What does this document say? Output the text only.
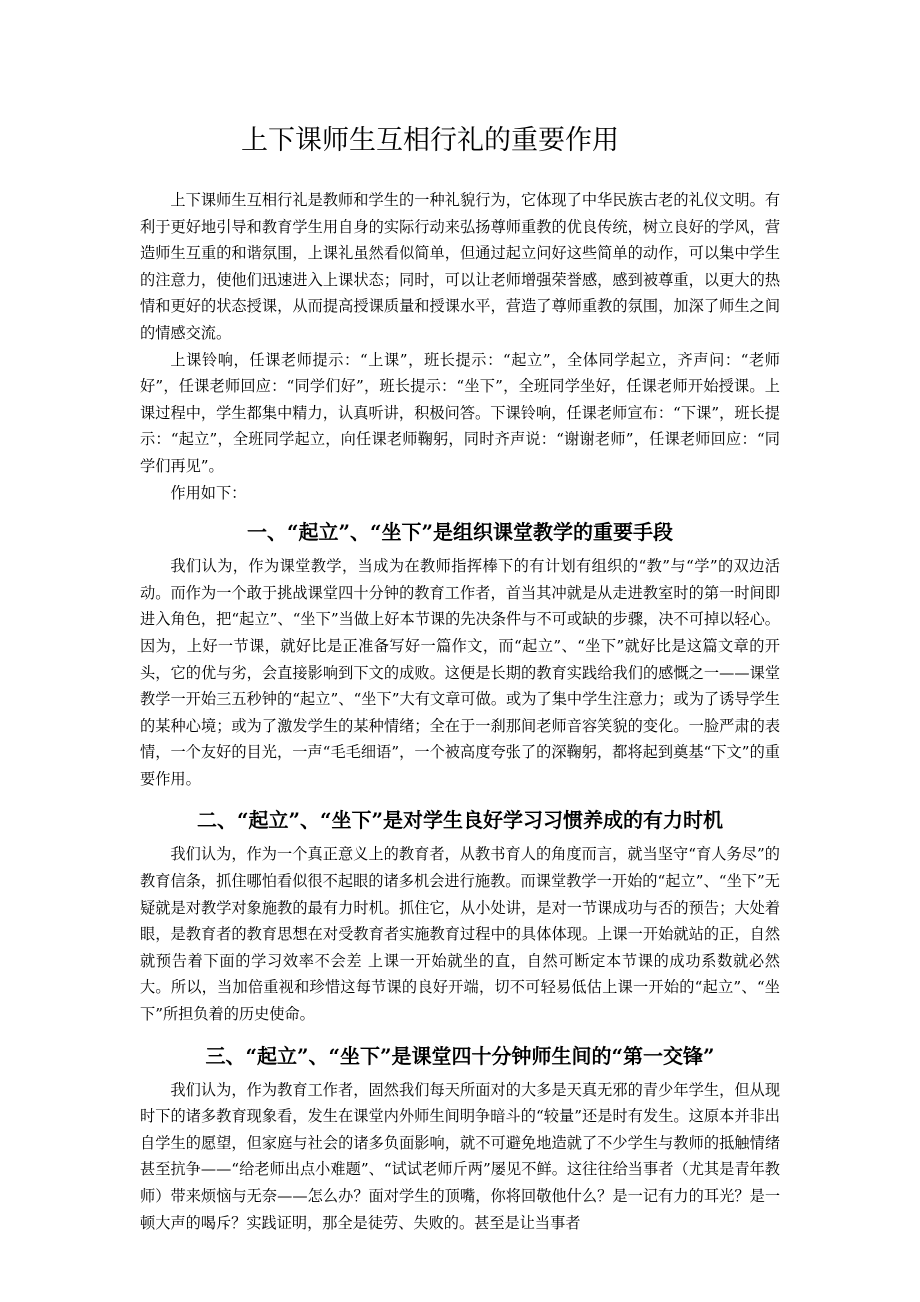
上下课师生互相行礼的重要作用

上下课师生互相行礼是教师和学生的一种礼貌行为，它体现了中华民族古老的礼仪文明。有利于更好地引导和教育学生用自身的实际行动来弘扬尊师重教的优良传统，树立良好的学风，营造师生互重的和谐氛围，上课礼虽然看似简单，但通过起立问好这些简单的动作，可以集中学生的注意力，使他们迅速进入上课状态；同时，可以让老师增强荣誉感，感到被尊重，以更大的热情和更好的状态授课，从而提高授课质量和授课水平，营造了尊师重教的氛围，加深了师生之间的情感交流。

上课铃响，任课老师提示：“上课”，班长提示：“起立”，全体同学起立，齐声问：“老师好”，任课老师回应：“同学们好”，班长提示：“坐下”，全班同学坐好，任课老师开始授课。上课过程中，学生都集中精力，认真听讲，积极问答。下课铃响，任课老师宣布：“下课”，班长提示：“起立”，全班同学起立，向任课老师鞠躬，同时齐声说：“谢谢老师”，任课老师回应：“同学们再见”。

作用如下：

一、“起立”、“坐下”是组织课堂教学的重要手段

我们认为，作为课堂教学，当成为在教师指挥棒下的有计划有组织的“教”与“学”的双边活动。而作为一个敢于挑战课堂四十分钟的教育工作者，首当其冲就是从走进教室时的第一时间即进入角色，把“起立”、“坐下”当做上好本节课的先决条件与不可或缺的步骤，决不可掉以轻心。因为，上好一节课，就好比是正准备写好一篇作文，而“起立”、“坐下”就好比是这篇文章的开头，它的优与劣，会直接影响到下文的成败。这便是长期的教育实践给我们的感慨之一——课堂教学一开始三五秒钟的“起立”、“坐下”大有文章可做。或为了集中学生注意力；或为了诱导学生的某种心境；或为了激发学生的某种情绪；全在于一刹那间老师音容笑貌的变化。一脸严肃的表情，一个友好的目光，一声“毛毛细语”，一个被高度夸张了的深鞠躬，都将起到奠基“下文”的重要作用。

二、“起立”、“坐下”是对学生良好学习习惯养成的有力时机

我们认为，作为一个真正意义上的教育者，从教书育人的角度而言，就当坚守“育人务尽”的教育信条，抓住哪怕看似很不起眼的诸多机会进行施教。而课堂教学一开始的“起立”、“坐下”无疑就是对教学对象施教的最有力时机。抓住它，从小处讲，是对一节课成功与否的预告；大处着眼，是教育者的教育思想在对受教育者实施教育过程中的具体体现。上课一开始就站的正，自然就预告着下面的学习效率不会差 上课一开始就坐的直，自然可断定本节课的成功系数就必然大。所以，当加倍重视和珍惜这每节课的良好开端，切不可轻易低估上课一开始的“起立”、“坐下”所担负着的历史使命。

三、“起立”、“坐下”是课堂四十分钟师生间的“第一交锋”

我们认为，作为教育工作者，固然我们每天所面对的大多是天真无邪的青少年学生，但从现时下的诸多教育现象看，发生在课堂内外师生间明争暗斗的“较量”还是时有发生。这原本并非出自学生的愿望，但家庭与社会的诸多负面影响，就不可避免地造就了不少学生与教师的抵触情绪甚至抗争——“给老师出点小难题”、“试试老师斤两”屡见不鲜。这往往给当事者（尤其是青年教师）带来烦恼与无奈——怎么办？面对学生的顶嘴，你将回敬他什么？是一记有力的耳光？是一顿大声的喝斥？实践证明，那全是徒劳、失败的。甚至是让当事者
